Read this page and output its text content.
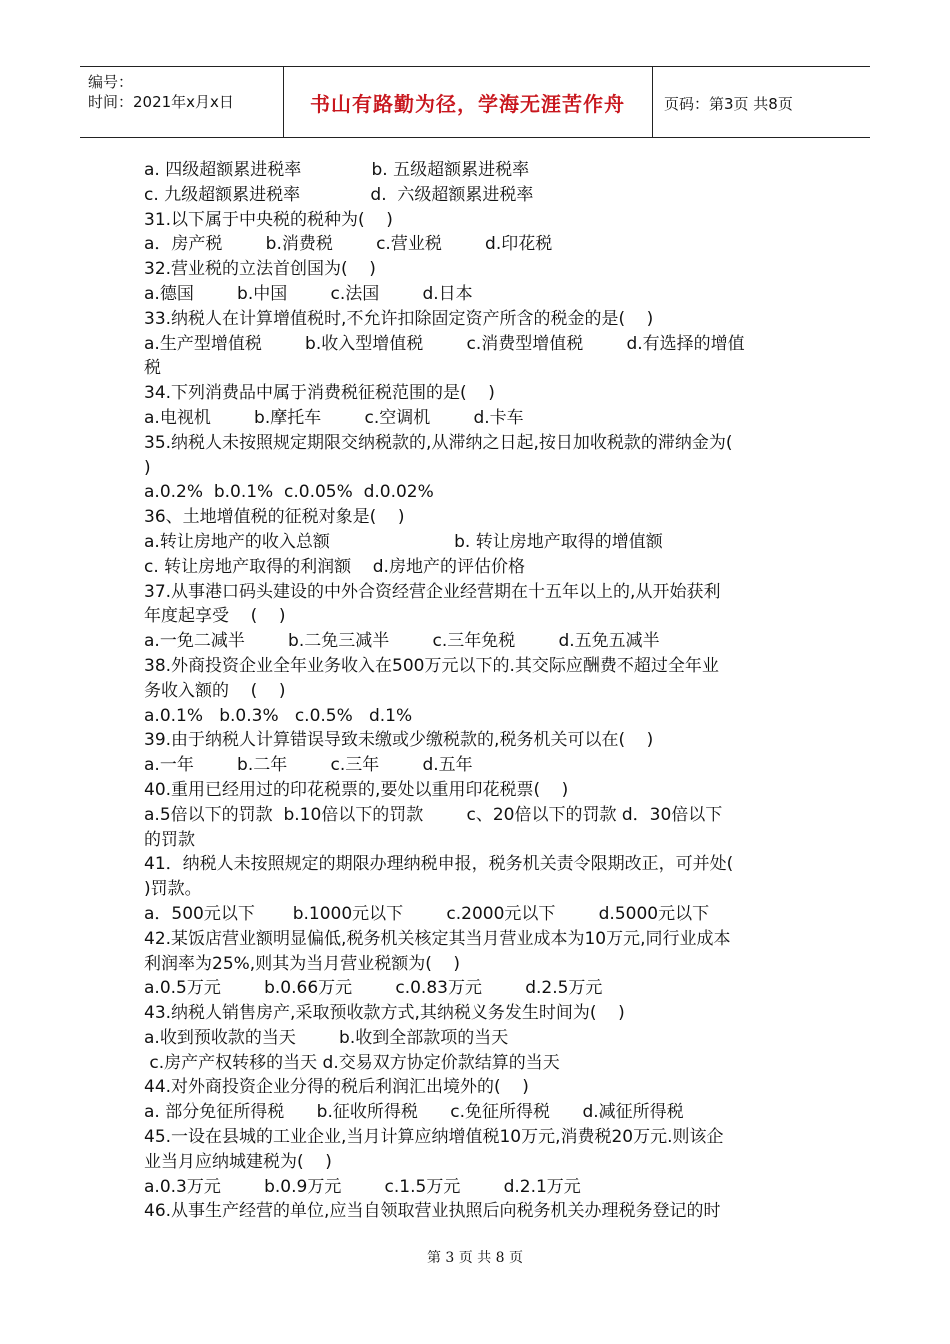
编号：
时间：2021年x月x日	书山有路勤为径，学海无涯苦作舟	页码：第3页 共8页
a. 四级超额累进税率             b. 五级超额累进税率
c. 九级超额累进税率             d.  六级超额累进税率
31.以下属于中央税的税种为(    )
a．房产税        b.消费税        c.营业税        d.印花税
32.营业税的立法首创国为(    )
a.德国        b.中国        c.法国        d.日本
33.纳税人在计算增值税时,不允许扣除固定资产所含的税金的是(    )
a.生产型增值税        b.收入型增值税        c.消费型增值税        d.有选择的增值
税
34.下列消费品中属于消费税征税范围的是(    )
a.电视机        b.摩托车        c.空调机        d.卡车
35.纳税人未按照规定期限交纳税款的,从滞纳之日起,按日加收税款的滞纳金为(
)
a.0.2%  b.0.1%  c.0.05%  d.0.02%
36、土地增值税的征税对象是(    )
a.转让房地产的收入总额                       b. 转让房地产取得的增值额
c. 转让房地产取得的利润额    d.房地产的评估价格
37.从事港口码头建设的中外合资经营企业经营期在十五年以上的,从开始获利
年度起享受    (    )
a.一免二减半        b.二免三减半        c.三年免税        d.五免五减半
38.外商投资企业全年业务收入在500万元以下的.其交际应酬费不超过全年业
务收入额的    (    )
a.0.1%   b.0.3%   c.0.5%   d.1%
39.由于纳税人计算错误导致未缴或少缴税款的,税务机关可以在(    )
a.一年        b.二年        c.三年        d.五年
40.重用已经用过的印花税票的,要处以重用印花税票(    )
a.5倍以下的罚款  b.10倍以下的罚款        c、20倍以下的罚款 d．30倍以下
的罚款
41．纳税人未按照规定的期限办理纳税申报，税务机关责令限期改正，可并处(
)罚款。
a．500元以下       b.1000元以下        c.2000元以下        d.5000元以下
42.某饭店营业额明显偏低,税务机关核定其当月营业成本为10万元,同行业成本
利润率为25%,则其为当月营业税额为(    )
a.0.5万元        b.0.66万元        c.0.83万元        d.2.5万元
43.纳税人销售房产,采取预收款方式,其纳税义务发生时间为(    )
a.收到预收款的当天        b.收到全部款项的当天
c.房产产权转移的当天 d.交易双方协定价款结算的当天
44.对外商投资企业分得的税后利润汇出境外的(    )
a. 部分免征所得税      b.征收所得税      c.免征所得税      d.减征所得税
45.一设在县城的工业企业,当月计算应纳增值税10万元,消费税20万元.则该企
业当月应纳城建税为(    )
a.0.3万元        b.0.9万元        c.1.5万元        d.2.1万元
46.从事生产经营的单位,应当自领取营业执照后向税务机关办理税务登记的时
第 3 页 共 8 页
